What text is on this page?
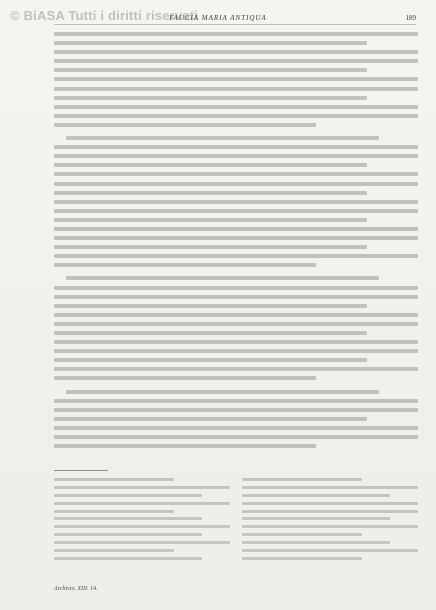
© BiASA Tutti i diritti riservati
FAUCIA MARIA ANTIQUA	189
Archivio. XIII. 14.
